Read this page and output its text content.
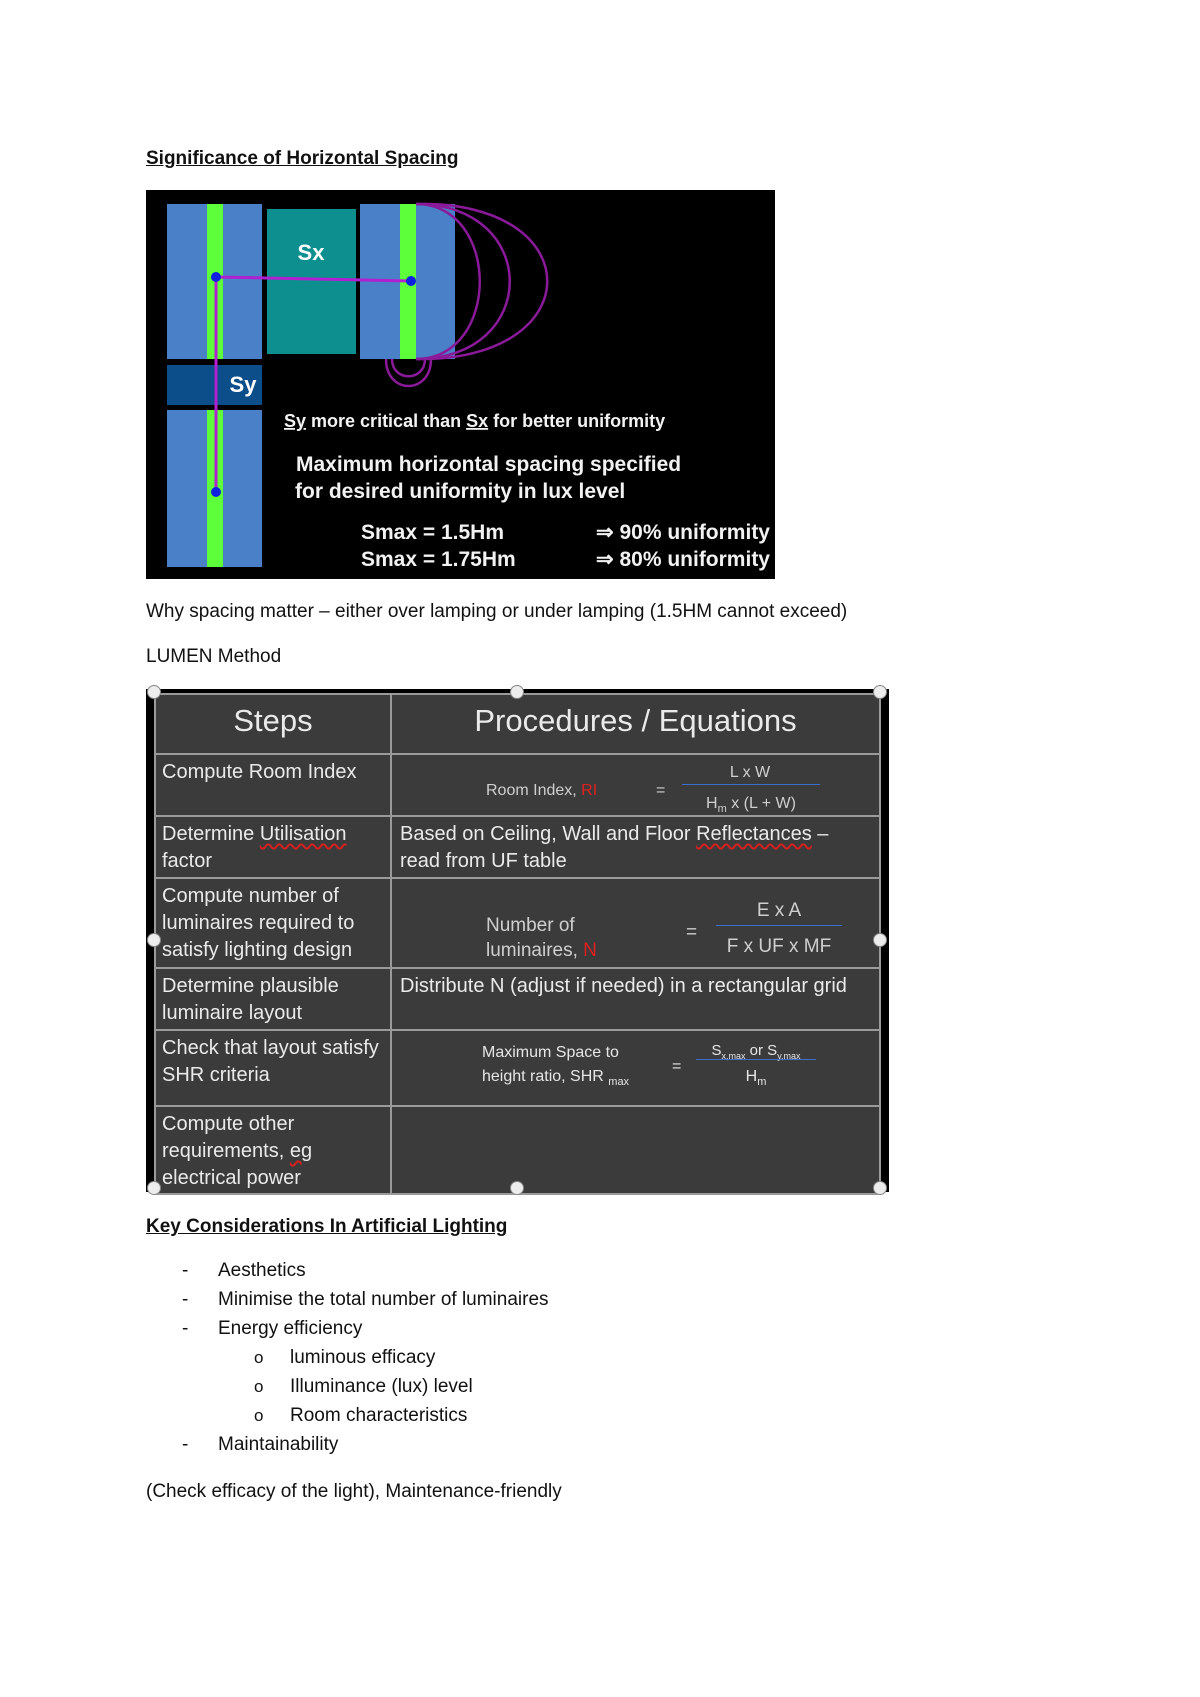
Significance of Horizontal Spacing

Sx
Sy
Sy more critical than Sx for better uniformity
Maximum horizontal spacing specified
for desired uniformity in lux level
Smax = 1.5Hm	⇒ 90% uniformity
Smax = 1.75Hm	⇒ 80% uniformity

Why spacing matter – either over lamping or under lamping (1.5HM cannot exceed)

LUMEN Method

Steps	Procedures / Equations
Compute Room Index	Room Index, RI =
L x W
$H_m$ x (L + W)

Determine Utilisation
factor	Based on Ceiling, Wall and Floor Reflectances –
read from UF table
Compute number of luminaires required to satisfy lighting design	Number of
luminaires, N
=
E x A
F x UF x MF

Determine plausible luminaire layout	Distribute N (adjust if needed) in a rectangular grid
Check that layout satisfy SHR criteria	Maximum Space to
height ratio, SHR $_{max}$
=
$S_{x,max}$ or $S_{y,max}$
$H_m$

Compute other requirements, eg
electrical power	

Key Considerations In Artificial Lighting

- Aesthetics
- Minimise the total number of luminaires
- Energy efficiency
o luminous efficacy
o Illuminance (lux) level
o Room characteristics
- Maintainability

(Check efficacy of the light), Maintenance-friendly
